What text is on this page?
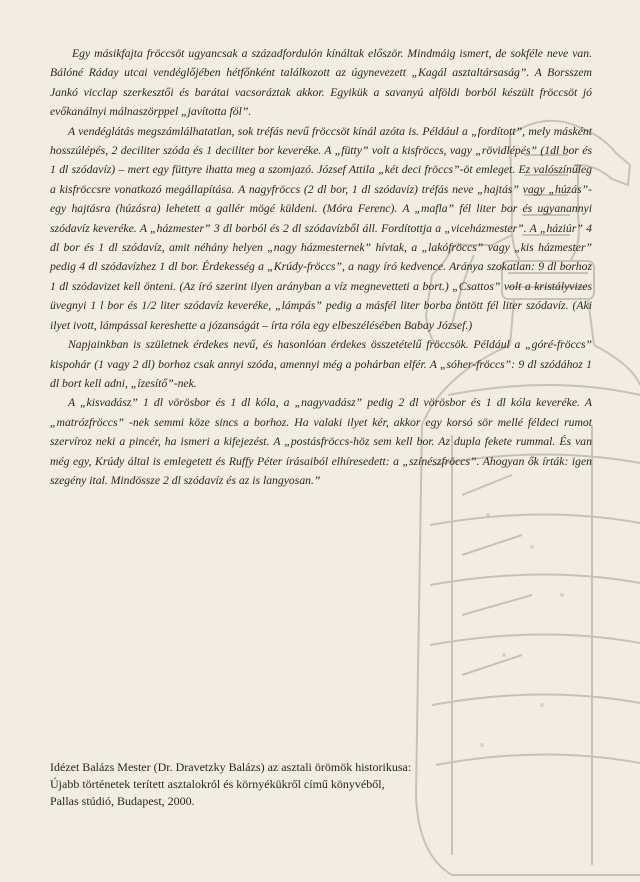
Egy másikfajta fröccsöt ugyancsak a századfordulón kínáltak először. Mindmáig ismert, de sokféle neve van. Bálóné Ráday utcai vendéglőjében hétfőnként találkozott az úgynevezett „Kagál asztaltársaság”. A Borsszem Jankó vicclap szerkesztői és barátai vacsoráztak akkor. Egyikük a savanyú alföldi borból készült fröccsöt jó evőkanálnyi málnaszörppel „javította föl”.

A vendéglátás megszámlálhatatlan, sok tréfás nevű fröccsöt kínál azóta is. Például a „fordított”, mely másként hosszúlépés, 2 deciliter szóda és 1 deciliter bor keveréke. A „fütty” volt a kisfröccs, vagy „rövidlépés” (1dl bor és 1 dl szódavíz) – mert egy füttyre ihatta meg a szomjazó. József Attila „két deci fröccs”-öt emleget. Ez valószínűleg a kisfröccsre vonatkozó megállapítása. A nagyfröccs (2 dl bor, 1 dl szódavíz) tréfás neve „hajtás” vagy „húzás”- egy hajtásra (húzásra) lehetett a gallér mögé küldeni. (Móra Ferenc). A „mafla” fél liter bor és ugyanannyi szódavíz keveréke. A „házmester” 3 dl borból és 2 dl szódavízből áll. Fordítottja a „viceházmester”. A „háziúr” 4 dl bor és 1 dl szódavíz, amit néhány helyen „nagy házmesternek” hívtak, a „lakófröccs” vagy „kis házmester” pedig 4 dl szódavízhez 1 dl bor. Érdekesség a „Krúdy-fröccs”, a nagy író kedvence. Aránya szokatlan: 9 dl borhoz 1 dl szódavizet kell önteni. (Az író szerint ilyen arányban a víz megnevetteti a bort.) „Csattos” volt a kristályvizes üvegnyi 1 l bor és 1/2 liter szódavíz keveréke, „lámpás” pedig a másfél liter borba öntött fél liter szódavíz. (Aki ilyet ivott, lámpással kereshette a józanságát – írta róla egy elbeszélésében Babay József.)

Napjainkban is születnek érdekes nevű, és hasonlóan érdekes összetételű fröccsök. Például a „góré-fröccs” kispohár (1 vagy 2 dl) borhoz csak annyi szóda, amennyi még a pohárban elfér. A „sóher-fröccs”: 9 dl szódához 1 dl bort kell adni, „ízesítő”-nek.

A „kisvadász” 1 dl vörösbor és 1 dl kóla, a „nagyvadász” pedig 2 dl vörösbor és 1 dl kóla keveréke. A „matrózfröccs” -nek semmi köze sincs a borhoz. Ha valaki ilyet kér, akkor egy korsó sör mellé féldeci rumot szervíroz neki a pincér, ha ismeri a kifejezést. A „postásfröccs-höz sem kell bor. Az dupla fekete rummal. És van még egy, Krúdy által is emlegetett és Ruffy Péter írásaiból elhíresedett: a „színészfröccs”. Ahogyan ők írták: igen szegény ital. Mindössze 2 dl szódavíz és az is langyosan.”

Idézet Balázs Mester (Dr. Dravetzky Balázs) az asztali örömök historikusa:
Újabb történetek terített asztalokról és környékükről című könyvéből,
Pallas stúdió, Budapest, 2000.
